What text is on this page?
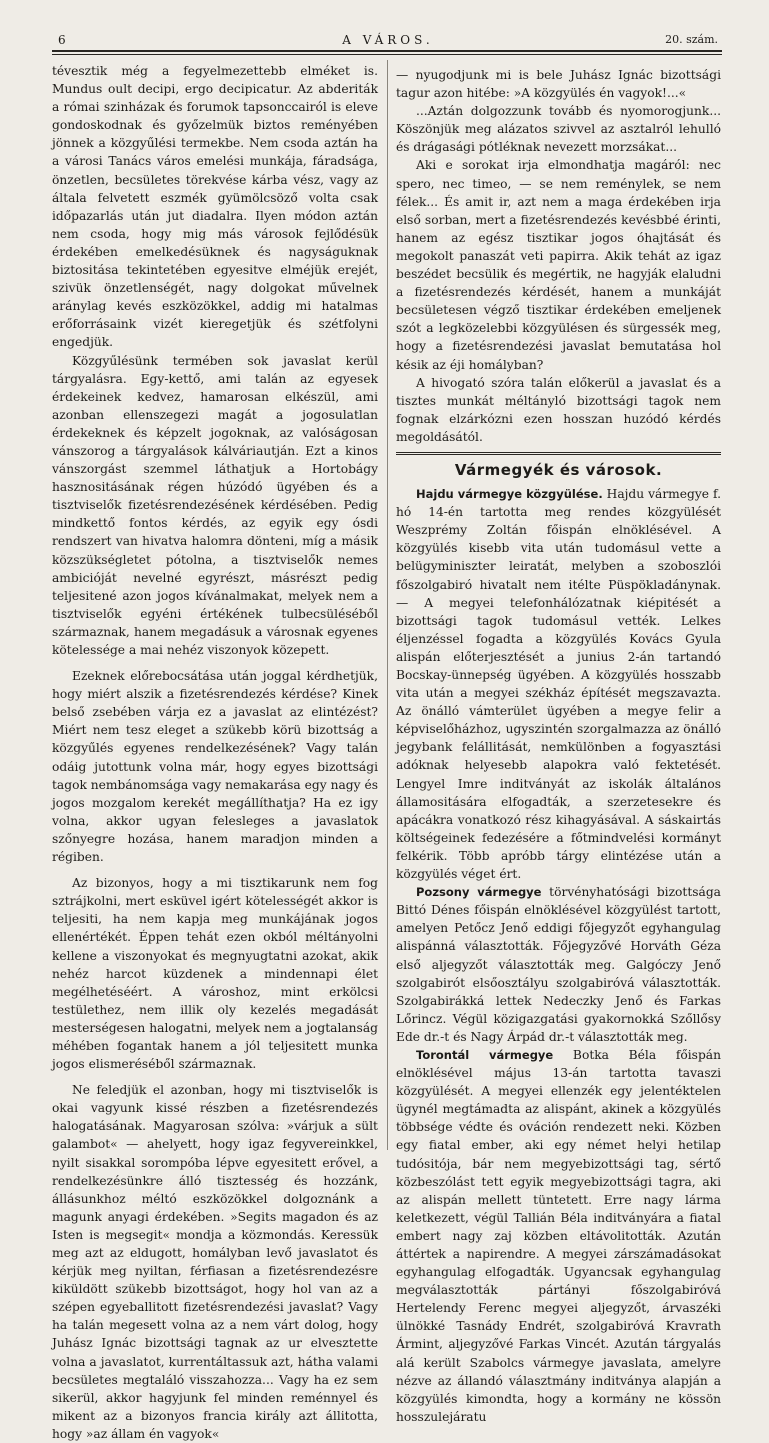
6	A VÁROS.	20. szám.

tévesztik még a fegyelmezettebb elméket is. Mundus oult decipi, ergo decipicatur. Az abderiták a római szinházak és forumok tapsonccairól is eleve gondoskodnak és győzelmük biztos reményében jönnek a közgyűlési termekbe. Nem csoda aztán ha a városi Tanács város emelési munkája, fáradsága, önzetlen, becsületes törekvése kárba vész, vagy az általa felvetett eszmék gyümölcsöző volta csak időpazarlás után jut diadalra. Ilyen módon aztán nem csoda, hogy mig más városok fejlődésük érdekében emelkedésüknek és nagyságuknak biztositása tekintetében egyesitve elméjük erejét, szivük önzetlenségét, nagy dolgokat művelnek aránylag kevés eszközökkel, addig mi hatalmas erőforrásaink vizét kieregetjük és szétfolyni engedjük.

Közgyűlésünk termében sok javaslat kerül tárgyalásra. Egy-kettő, ami talán az egyesek érdekeinek kedvez, hamarosan elkészül, ami azonban ellenszegezi magát a jogosulatlan érdekeknek és képzelt jogoknak, az valóságosan vánszorog a tárgyalások kálváriautján. Ezt a kinos vánszorgást szemmel láthatjuk a Hortobágy hasznositásának régen húzódó ügyében és a tisztviselők fizetésrendezésének kérdésében. Pedig mindkettő fontos kérdés, az egyik egy ósdi rendszert van hivatva halomra dönteni, míg a másik közszükségletet pótolna, a tisztviselők nemes ambicióját nevelné egyrészt, másrészt pedig teljesitené azon jogos kívánalmakat, melyek nem a tisztviselők egyéni értékének tulbecsüléséből származnak, hanem megadásuk a városnak egyenes kötelessége a mai nehéz viszonyok közepett.

Ezeknek előrebocsátása után joggal kérdhetjük, hogy miért alszik a fizetésrendezés kérdése? Kinek belső zsebében várja ez a javaslat az elintézést? Miért nem tesz eleget a szükebb körü bizottság a közgyűlés egyenes rendelkezésének? Vagy talán odáig jutottunk volna már, hogy egyes bizottsági tagok nembánomsága vagy nemakarása egy nagy és jogos mozgalom kerekét megállíthatja? Ha ez igy volna, akkor ugyan felesleges a javaslatok szőnyegre hozása, hanem maradjon minden a régiben.

Az bizonyos, hogy a mi tisztikarunk nem fog sztrájkolni, mert esküvel igért kötelességét akkor is teljesiti, ha nem kapja meg munkájának jogos ellenértékét. Éppen tehát ezen okból méltányolni kellene a viszonyokat és megnyugtatni azokat, akik nehéz harcot küzdenek a mindennapi élet megélhetéséért. A városhoz, mint erkölcsi testülethez, nem illik oly kezelés megadását mesterségesen halogatni, melyek nem a jogtalanság méhében fogantak hanem a jól teljesitett munka jogos elismeréséből származnak.

Ne feledjük el azonban, hogy mi tisztviselők is okai vagyunk kissé részben a fizetésrendezés halogatásának. Magyarosan szólva: »várjuk a sült galambot« — ahelyett, hogy igaz fegyvereinkkel, nyilt sisakkal sorompóba lépve egyesitett erővel, a rendelkezésünkre álló tisztesség és hozzánk, állásunkhoz méltó eszközökkel dolgoznánk a magunk anyagi érdekében. »Segits magadon és az Isten is megsegit« mondja a közmondás. Keressük meg azt az eldugott, homályban levő javaslatot és kérjük meg nyiltan, férfiasan a fizetésrendezésre kiküldött szükebb bizottságot, hogy hol van az a szépen egyeballitott fizetésrendezési javaslat? Vagy ha talán megesett volna az a nem várt dolog, hogy Juhász Ignác bizottsági tagnak az ur elvesztette volna a javaslatot, kurrentáltassuk azt, hátha valami becsületes megtaláló visszahozza... Vagy ha ez sem sikerül, akkor hagyjunk fel minden reménnyel és mikent az a bizonyos francia király azt állitotta, hogy »az állam én vagyok«

— nyugodjunk mi is bele Juhász Ignác bizottsági tagur azon hitébe: »A közgyülés én vagyok!...«

...Aztán dolgozzunk tovább és nyomorogjunk... Köszönjük meg alázatos szivvel az asztalról lehulló és drágasági pótléknak nevezett morzsákat...

Aki e sorokat irja elmondhatja magáról: nec spero, nec timeo, — se nem reménylek, se nem félek... És amit ir, azt nem a maga érdekében irja első sorban, mert a fizetésrendezés kevésbbé érinti, hanem az egész tisztikar jogos óhajtását és megokolt panaszát veti papirra. Akik tehát az igaz beszédet becsülik és megértik, ne hagyják elaludni a fizetésrendezés kérdését, hanem a munkáját becsületesen végző tisztikar érdekében emeljenek szót a legközelebbi közgyülésen és sürgessék meg, hogy a fizetésrendezési javaslat bemutatása hol késik az éji homályban?

A hivogató szóra talán előkerül a javaslat és a tisztes munkát méltányló bizottsági tagok nem fognak elzárkózni ezen hosszan huzódó kérdés megoldásától.

Vármegyék és városok.

Hajdu vármegye közgyülése. Hajdu vármegye f. hó 14-én tartotta meg rendes közgyülését Weszprémy Zoltán főispán elnöklésével. A közgyülés kisebb vita után tudomásul vette a belügyminiszter leiratát, melyben a szoboszlói főszolgabiró hivatalt nem itélte Püspökladánynak. — A megyei telefonhálózatnak kiépitését a bizottsági tagok tudomásul vették. Lelkes éljenzéssel fogadta a közgyülés Kovács Gyula alispán előterjesztését a junius 2-án tartandó Bocskay-ünnepség ügyében. A közgyülés hosszabb vita után a megyei székház építését megszavazta. Az önálló vámterület ügyében a megye felir a képviselőházhoz, ugyszintén szorgalmazza az önálló jegybank felállitását, nemkülönben a fogyasztási adóknak helyesebb alapokra való fektetését. Lengyel Imre inditványát az iskolák általános államositására elfogadták, a szerzetesekre és apácákra vonatkozó rész kihagyásával. A sáskairtás költségeinek fedezésére a főtmindvelési kormányt felkérik. Több apróbb tárgy elintézése után a közgyülés véget ért.

Pozsony vármegye törvényhatósági bizottsága Bittó Dénes főispán elnöklésével közgyülést tartott, amelyen Petőcz Jenő eddigi főjegyzőt egyhangulag alispánná választották. Főjegyzővé Horváth Géza első aljegyzőt választották meg. Galgóczy Jenő szolgabirót elsőosztályu szolgabiróvá választották. Szolgabirákká lettek Nedeczky Jenő és Farkas Lőrincz. Végül közigazgatási gyakornokká Szőllősy Ede dr.-t és Nagy Árpád dr.-t választották meg.

Torontál vármegye Botka Béla főispán elnöklésével május 13-án tartotta tavaszi közgyülését. A megyei ellenzék egy jelentéktelen ügynél megtámadta az alispánt, akinek a közgyülés többsége védte és ováción rendezett neki. Közben egy fiatal ember, aki egy német helyi hetilap tudósitója, bár nem megyebizottsági tag, sértő közbeszólást tett egyik megyebizottsági tagra, aki az alispán mellett tüntetett. Erre nagy lárma keletkezett, végül Tallián Béla inditványára a fiatal embert nagy zaj közben eltávolitották. Azután áttértek a napirendre. A megyei zárszámadásokat egyhangulag elfogadták. Ugyancsak egyhangulag megválasztották pártányi főszolgabiróvá Hertelendy Ferenc megyei aljegyzőt, árvaszéki ülnökké Tasnády Endrét, szolgabiróvá Kravrath Ármint, aljegyzővé Farkas Vincét. Azután tárgyalás alá került Szabolcs vármegye javaslata, amelyre nézve az állandó választmány inditványa alapján a közgyülés kimondta, hogy a kormány ne kössön hosszulejáratu
